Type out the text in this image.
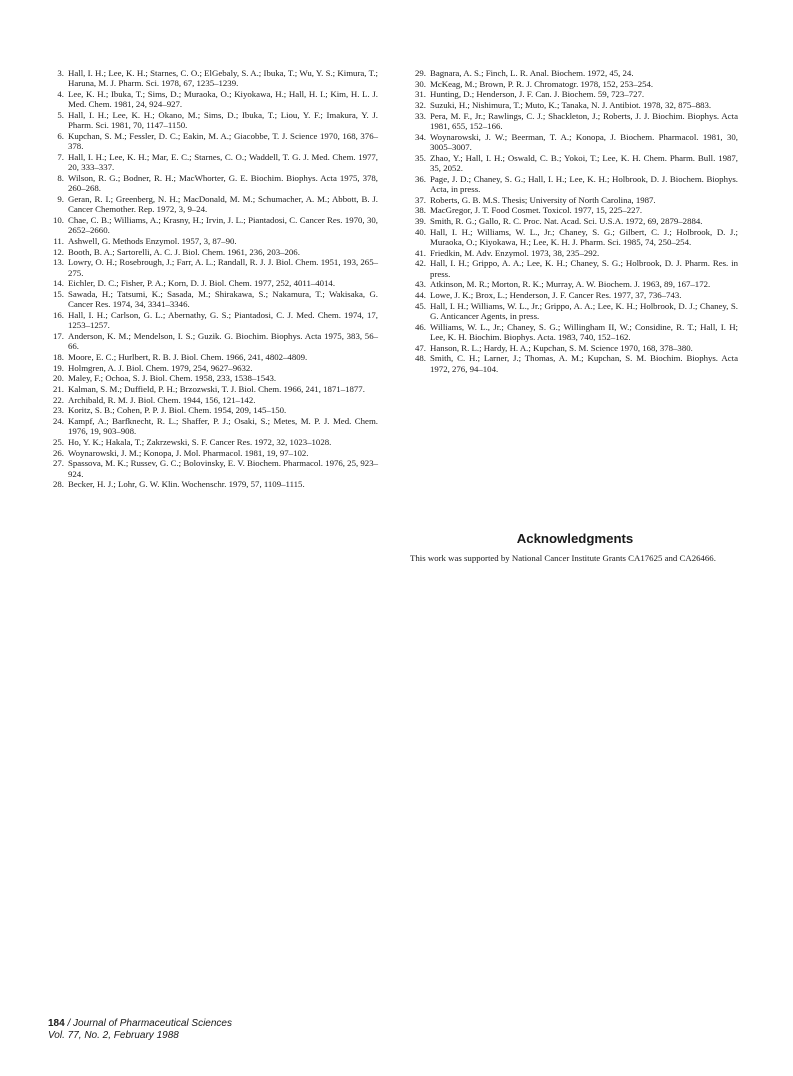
3. Hall, I. H.; Lee, K. H.; Starnes, C. O.; ElGebaly, S. A.; Ibuka, T.; Wu, Y. S.; Kimura, T.; Haruna, M. J. Pharm. Sci. 1978, 67, 1235–1239.

4. Lee, K. H.; Ibuka, T.; Sims, D.; Muraoka, O.; Kiyokawa, H.; Hall, H. I.; Kim, H. L. J. Med. Chem. 1981, 24, 924–927.

5. Hall, I. H.; Lee, K. H.; Okano, M.; Sims, D.; Ibuka, T.; Liou, Y. F.; Imakura, Y. J. Pharm. Sci. 1981, 70, 1147–1150.

6. Kupchan, S. M.; Fessler, D. C.; Eakin, M. A.; Giacobbe, T. J. Science 1970, 168, 376–378.

7. Hall, I. H.; Lee, K. H.; Mar, E. C.; Starnes, C. O.; Waddell, T. G. J. Med. Chem. 1977, 20, 333–337.

8. Wilson, R. G.; Bodner, R. H.; MacWhorter, G. E. Biochim. Biophys. Acta 1975, 378, 260–268.

9. Geran, R. I.; Greenberg, N. H.; MacDonald, M. M.; Schumacher, A. M.; Abbott, B. J. Cancer Chemother. Rep. 1972, 3, 9–24.

10. Chae, C. B.; Williams, A.; Krasny, H.; Irvin, J. L.; Piantadosi, C. Cancer Res. 1970, 30, 2652–2660.

11. Ashwell, G. Methods Enzymol. 1957, 3, 87–90.

12. Booth, B. A.; Sartorelli, A. C. J. Biol. Chem. 1961, 236, 203–206.

13. Lowry, O. H.; Rosebrough, J.; Farr, A. L.; Randall, R. J. J. Biol. Chem. 1951, 193, 265–275.

14. Eichler, D. C.; Fisher, P. A.; Korn, D. J. Biol. Chem. 1977, 252, 4011–4014.

15. Sawada, H.; Tatsumi, K.; Sasada, M.; Shirakawa, S.; Nakamura, T.; Wakisaka, G. Cancer Res. 1974, 34, 3341–3346.

16. Hall, I. H.; Carlson, G. L.; Abernathy, G. S.; Piantadosi, C. J. Med. Chem. 1974, 17, 1253–1257.

17. Anderson, K. M.; Mendelson, I. S.; Guzik. G. Biochim. Biophys. Acta 1975, 383, 56–66.

18. Moore, E. C.; Hurlbert, R. B. J. Biol. Chem. 1966, 241, 4802–4809.

19. Holmgren, A. J. Biol. Chem. 1979, 254, 9627–9632.

20. Maley, F.; Ochoa, S. J. Biol. Chem. 1958, 233, 1538–1543.

21. Kalman, S. M.; Duffield, P. H.; Brzozwski, T. J. Biol. Chem. 1966, 241, 1871–1877.

22. Archibald, R. M. J. Biol. Chem. 1944, 156, 121–142.

23. Koritz, S. B.; Cohen, P. P. J. Biol. Chem. 1954, 209, 145–150.

24. Kampf, A.; Barfknecht, R. L.; Shaffer, P. J.; Osaki, S.; Metes, M. P. J. Med. Chem. 1976, 19, 903–908.

25. Ho, Y. K.; Hakala, T.; Zakrzewski, S. F. Cancer Res. 1972, 32, 1023–1028.

26. Woynarowski, J. M.; Konopa, J. Mol. Pharmacol. 1981, 19, 97–102.

27. Spassova, M. K.; Russev, G. C.; Bolovinsky, E. V. Biochem. Pharmacol. 1976, 25, 923–924.

28. Becker, H. J.; Lohr, G. W. Klin. Wochenschr. 1979, 57, 1109–1115.

29. Bagnara, A. S.; Finch, L. R. Anal. Biochem. 1972, 45, 24.

30. McKeag, M.; Brown, P. R. J. Chromatogr. 1978, 152, 253–254.

31. Hunting, D.; Henderson, J. F. Can. J. Biochem. 59, 723–727.

32. Suzuki, H.; Nishimura, T.; Muto, K.; Tanaka, N. J. Antibiot. 1978, 32, 875–883.

33. Pera, M. F., Jr.; Rawlings, C. J.; Shackleton, J.; Roberts, J. J. Biochim. Biophys. Acta 1981, 655, 152–166.

34. Woynarowski, J. W.; Beerman, T. A.; Konopa, J. Biochem. Pharmacol. 1981, 30, 3005–3007.

35. Zhao, Y.; Hall, I. H.; Oswald, C. B.; Yokoi, T.; Lee, K. H. Chem. Pharm. Bull. 1987, 35, 2052.

36. Page, J. D.; Chaney, S. G.; Hall, I. H.; Lee, K. H.; Holbrook, D. J. Biochem. Biophys. Acta, in press.

37. Roberts, G. B. M.S. Thesis; University of North Carolina, 1987.

38. MacGregor, J. T. Food Cosmet. Toxicol. 1977, 15, 225–227.

39. Smith, R. G.; Gallo, R. C. Proc. Nat. Acad. Sci. U.S.A. 1972, 69, 2879–2884.

40. Hall, I. H.; Williams, W. L., Jr.; Chaney, S. G.; Gilbert, C. J.; Holbrook, D. J.; Muraoka, O.; Kiyokawa, H.; Lee, K. H. J. Pharm. Sci. 1985, 74, 250–254.

41. Friedkin, M. Adv. Enzymol. 1973, 38, 235–292.

42. Hall, I. H.; Grippo, A. A.; Lee, K. H.; Chaney, S. G.; Holbrook, D. J. Pharm. Res. in press.

43. Atkinson, M. R.; Morton, R. K.; Murray, A. W. Biochem. J. 1963, 89, 167–172.

44. Lowe, J. K.; Brox, L.; Henderson, J. F. Cancer Res. 1977, 37, 736–743.

45. Hall, I. H.; Williams, W. L., Jr.; Grippo, A. A.; Lee, K. H.; Holbrook, D. J.; Chaney, S. G. Anticancer Agents, in press.

46. Williams, W. L., Jr.; Chaney, S. G.; Willingham II, W.; Considine, R. T.; Hall, I. H; Lee, K. H. Biochim. Biophys. Acta. 1983, 740, 152–162.

47. Hanson, R. L.; Hardy, H. A.; Kupchan, S. M. Science 1970, 168, 378–380.

48. Smith, C. H.; Larner, J.; Thomas, A. M.; Kupchan, S. M. Biochim. Biophys. Acta 1972, 276, 94–104.

Acknowledgments

This work was supported by National Cancer Institute Grants CA17625 and CA26466.

184 / Journal of Pharmaceutical Sciences
Vol. 77, No. 2, February 1988
